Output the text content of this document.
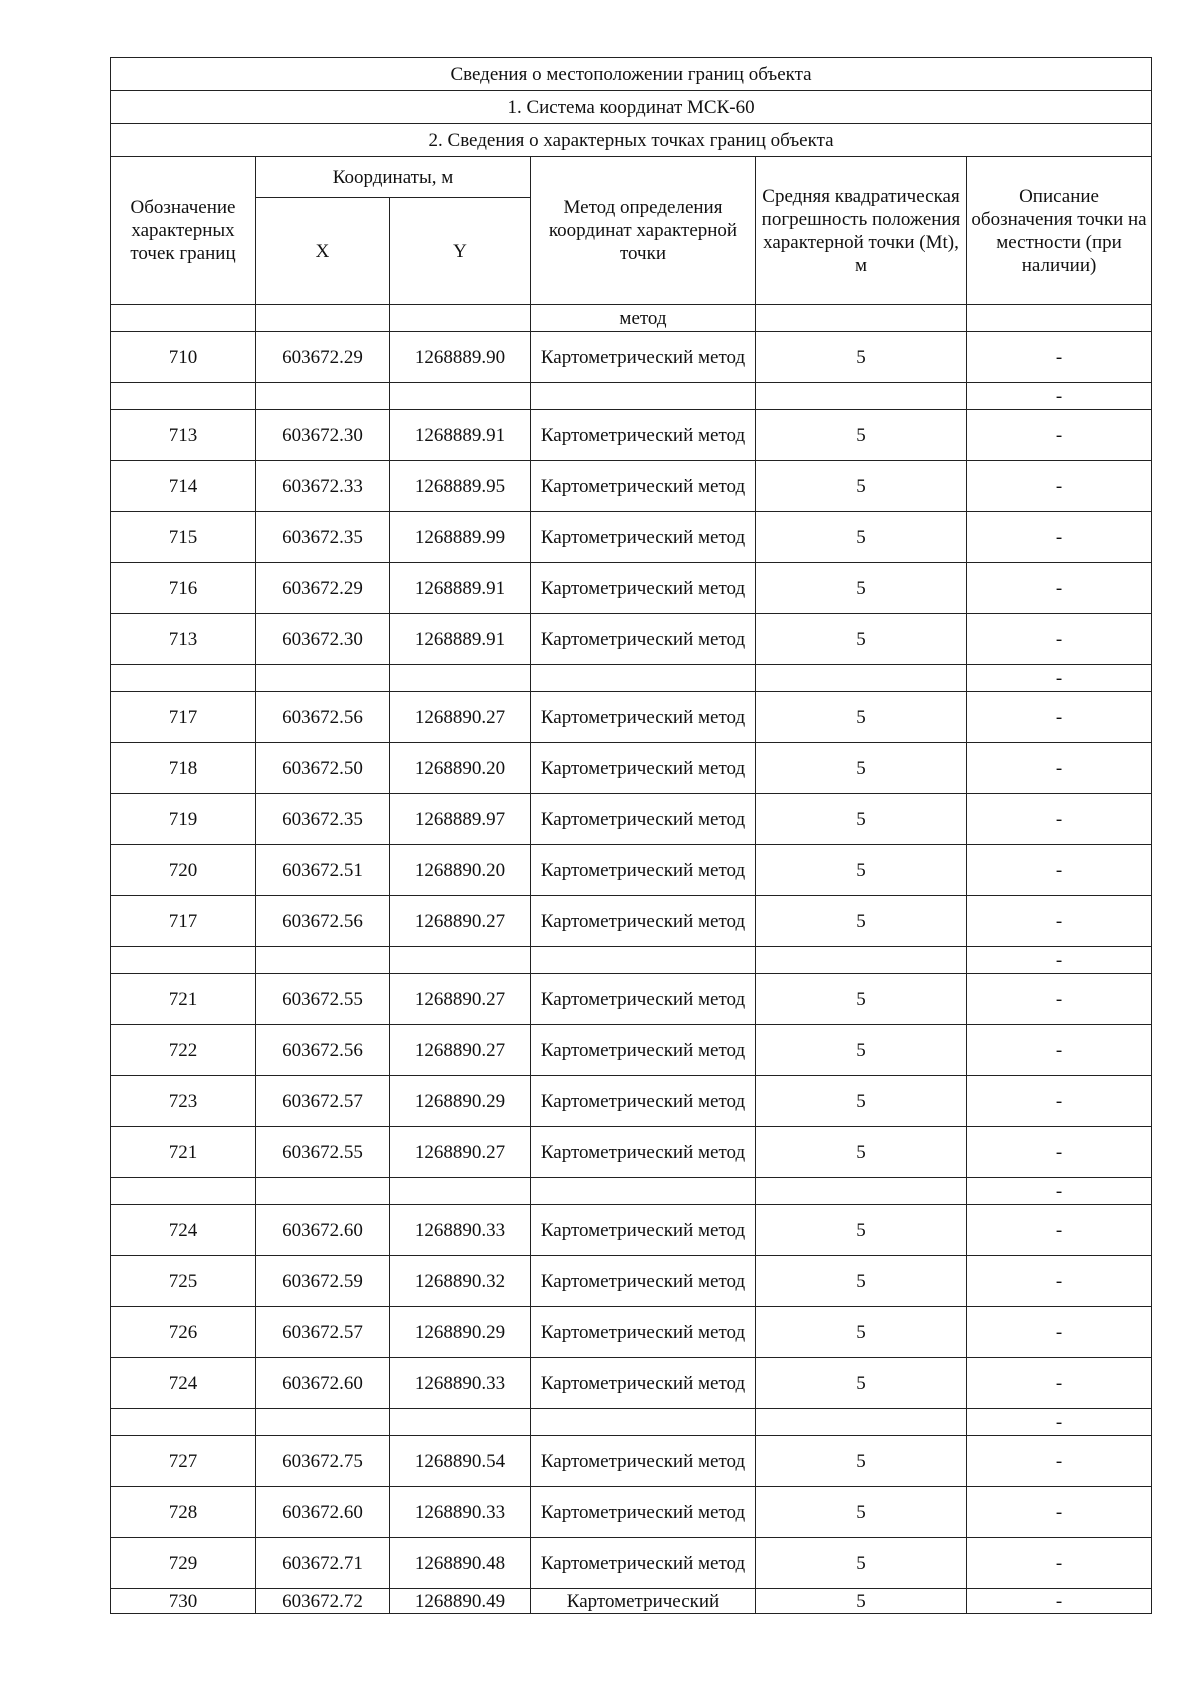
Сведения о местоположении границ объекта					
1. Система координат МСК-60					
2. Сведения о характерных точках границ объекта					
Обозначение характерных точек границ	Координаты, м		Метод определения координат характерной точки	Средняя квадратическая погрешность положения характерной точки (Mt), м	Описание обозначения точки на местности (при наличии)
	X	Y			
			метод		
710	603672.29	1268889.90	Картометрический метод	5	-
					-
713	603672.30	1268889.91	Картометрический метод	5	-
714	603672.33	1268889.95	Картометрический метод	5	-
715	603672.35	1268889.99	Картометрический метод	5	-
716	603672.29	1268889.91	Картометрический метод	5	-
713	603672.30	1268889.91	Картометрический метод	5	-
					-
717	603672.56	1268890.27	Картометрический метод	5	-
718	603672.50	1268890.20	Картометрический метод	5	-
719	603672.35	1268889.97	Картометрический метод	5	-
720	603672.51	1268890.20	Картометрический метод	5	-
717	603672.56	1268890.27	Картометрический метод	5	-
					-
721	603672.55	1268890.27	Картометрический метод	5	-
722	603672.56	1268890.27	Картометрический метод	5	-
723	603672.57	1268890.29	Картометрический метод	5	-
721	603672.55	1268890.27	Картометрический метод	5	-
					-
724	603672.60	1268890.33	Картометрический метод	5	-
725	603672.59	1268890.32	Картометрический метод	5	-
726	603672.57	1268890.29	Картометрический метод	5	-
724	603672.60	1268890.33	Картометрический метод	5	-
					-
727	603672.75	1268890.54	Картометрический метод	5	-
728	603672.60	1268890.33	Картометрический метод	5	-
729	603672.71	1268890.48	Картометрический метод	5	-
730	603672.72	1268890.49	Картометрический	5	-
